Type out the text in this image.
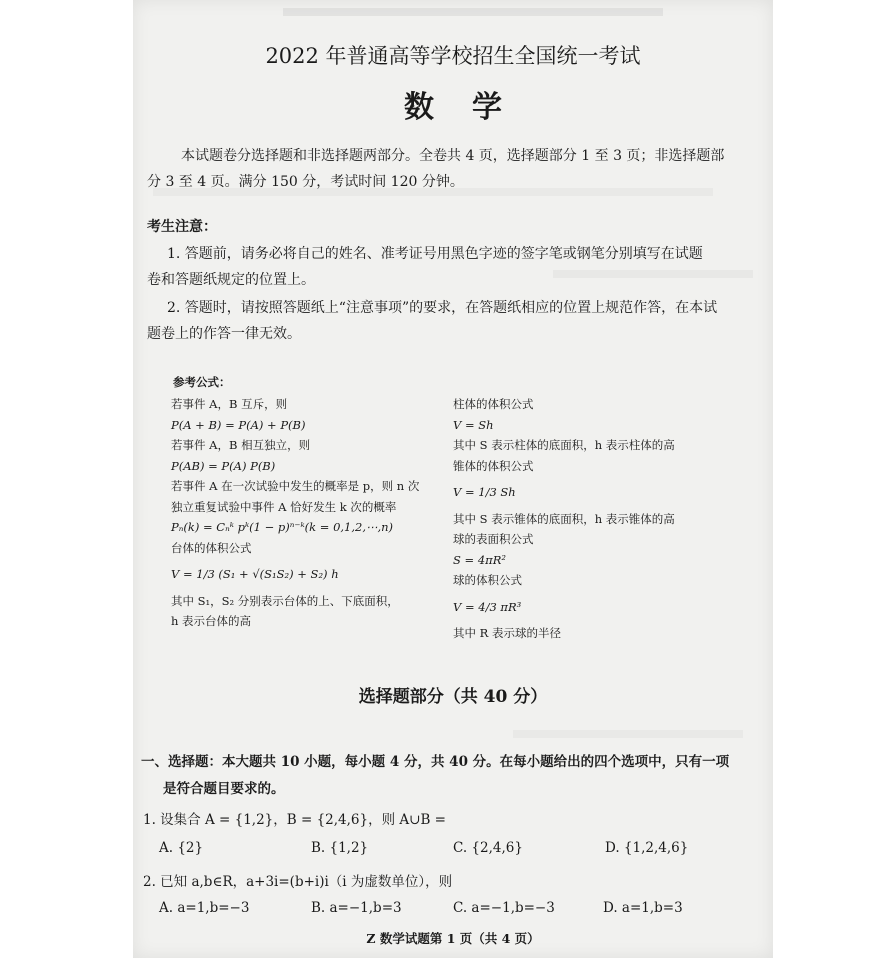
2022 年普通高等学校招生全国统一考试
数学
本试题卷分选择题和非选择题两部分。全卷共 4 页，选择题部分 1 至 3 页；非选择题部
分 3 至 4 页。满分 150 分，考试时间 120 分钟。
考生注意：
1. 答题前，请务必将自己的姓名、准考证号用黑色字迹的签字笔或钢笔分别填写在试题
卷和答题纸规定的位置上。
2. 答题时，请按照答题纸上“注意事项”的要求，在答题纸相应的位置上规范作答，在本试
题卷上的作答一律无效。
参考公式：
若事件 A，B 互斥，则
P(A + B) = P(A) + P(B)
若事件 A，B 相互独立，则
P(AB) = P(A) P(B)
若事件 A 在一次试验中发生的概率是 p，则 n 次
独立重复试验中事件 A 恰好发生 k 次的概率
Pₙ(k) = Cₙᵏ pᵏ(1 − p)ⁿ⁻ᵏ(k = 0,1,2,⋯,n)
台体的体积公式
V = 1/3 (S₁ + √(S₁S₂) + S₂) h
其中 S₁，S₂ 分别表示台体的上、下底面积，
h 表示台体的高
柱体的体积公式
V = Sh
其中 S 表示柱体的底面积，h 表示柱体的高
锥体的体积公式
V = 1/3 Sh
其中 S 表示锥体的底面积，h 表示锥体的高
球的表面积公式
S = 4πR²
球的体积公式
V = 4/3 πR³
其中 R 表示球的半径
选择题部分（共 40 分）
一、选择题：本大题共 10 小题，每小题 4 分，共 40 分。在每小题给出的四个选项中，只有一项
是符合题目要求的。
1. 设集合 A = {1,2}，B = {2,4,6}，则 A∪B =
A. {2}	B. {1,2}	C. {2,4,6}	D. {1,2,4,6}
2. 已知 a,b∈R，a+3i=(b+i)i（i 为虚数单位），则
A. a=1,b=−3	B. a=−1,b=3	C. a=−1,b=−3	D. a=1,b=3
Z 数学试题第 1 页（共 4 页）
